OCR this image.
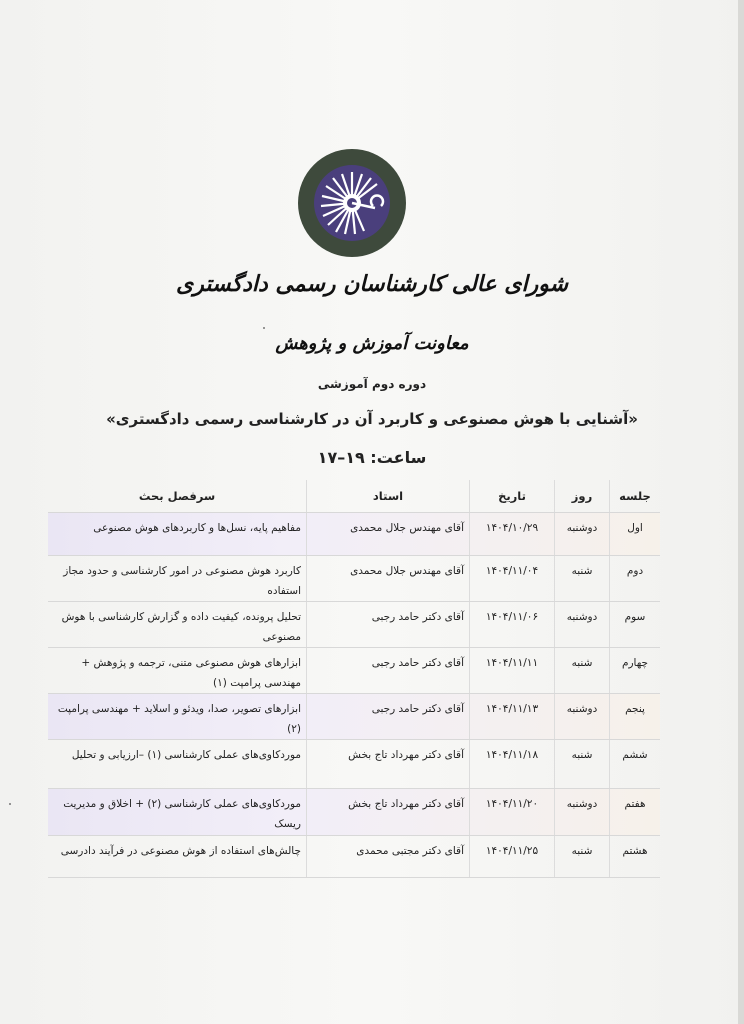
شورای عالی کارشناسان رسمی دادگستری
معاونت آموزش و پژوهش
دوره دوم آموزشی
«آشنایی با هوش مصنوعی و کاربرد آن در کارشناسی رسمی دادگستری»
ساعت: ۱۹–۱۷
جلسه	روز	تاریخ	استاد	سرفصل بحث
اول	دوشنبه	۱۴۰۴/۱۰/۲۹	آقای مهندس جلال محمدی	مفاهیم پایه، نسل‌ها و کاربردهای هوش مصنوعی
دوم	شنبه	۱۴۰۴/۱۱/۰۴	آقای مهندس جلال محمدی	کاربرد هوش مصنوعی در امور کارشناسی و حدود مجاز استفاده
سوم	دوشنبه	۱۴۰۴/۱۱/۰۶	آقای دکتر حامد رجبی	تحلیل پرونده، کیفیت داده و گزارش کارشناسی با هوش مصنوعی
چهارم	شنبه	۱۴۰۴/۱۱/۱۱	آقای دکتر حامد رجبی	ابزارهای هوش مصنوعی متنی، ترجمه و پژوهش + مهندسی پرامپت (۱)
پنجم	دوشنبه	۱۴۰۴/۱۱/۱۳	آقای دکتر حامد رجبی	ابزارهای تصویر، صدا، ویدئو و اسلاید + مهندسی پرامپت (۲)
ششم	شنبه	۱۴۰۴/۱۱/۱۸	آقای دکتر مهرداد تاج بخش	موردکاوی‌های عملی کارشناسی (۱) –ارزیابی و تحلیل
هفتم	دوشنبه	۱۴۰۴/۱۱/۲۰	آقای دکتر مهرداد تاج بخش	موردکاوی‌های عملی کارشناسی (۲) + اخلاق و مدیریت ریسک
هشتم	شنبه	۱۴۰۴/۱۱/۲۵	آقای دکتر مجتبی محمدی	چالش‌های استفاده از هوش مصنوعی در فرآیند دادرسی
